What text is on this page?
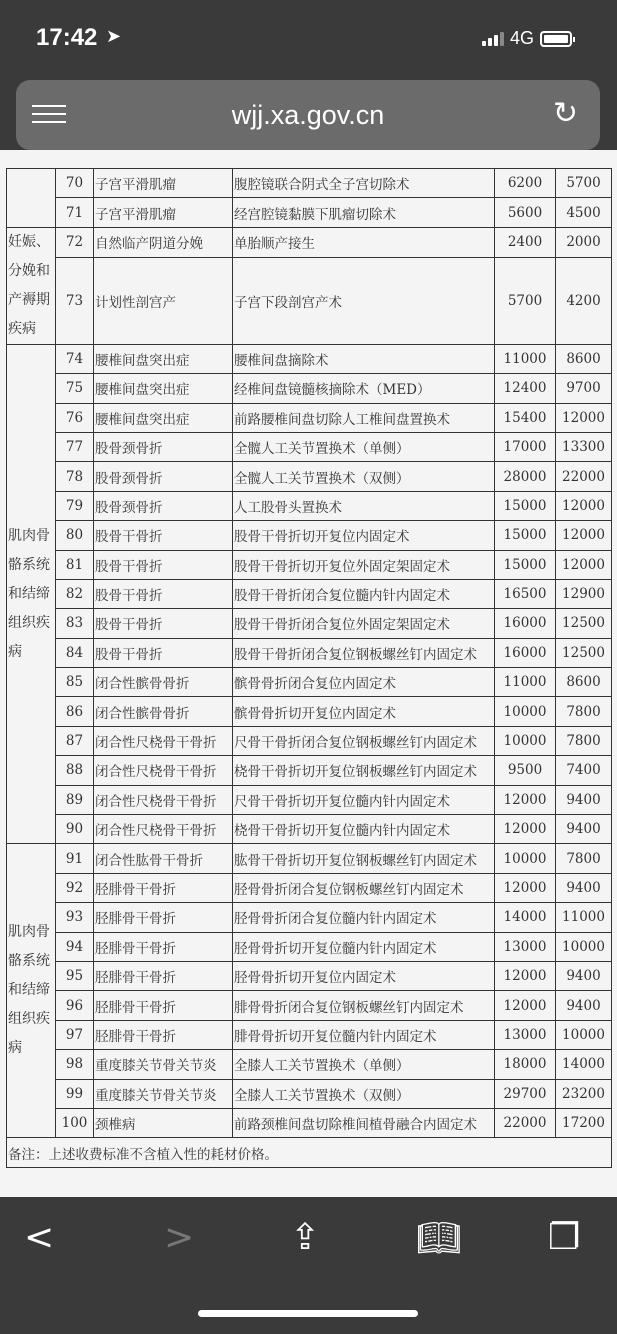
17:42 ➤	4G
wjj.xa.gov.cn	↻
	70	子宫平滑肌瘤	腹腔镜联合阴式全子宫切除术	6200	5700
	71	子宫平滑肌瘤	经宫腔镜黏膜下肌瘤切除术	5600	4500
妊娠、分娩和产褥期疾病	72	自然临产阴道分娩	单胎顺产接生	2400	2000
	73	计划性剖宫产	子宫下段剖宫产术	5700	4200
肌肉骨骼系统和结缔组织疾病	74	腰椎间盘突出症	腰椎间盘摘除术	11000	8600
	75	腰椎间盘突出症	经椎间盘镜髓核摘除术（MED）	12400	9700
	76	腰椎间盘突出症	前路腰椎间盘切除人工椎间盘置换术	15400	12000
	77	股骨颈骨折	全髋人工关节置换术（单侧）	17000	13300
	78	股骨颈骨折	全髋人工关节置换术（双侧）	28000	22000
	79	股骨颈骨折	人工股骨头置换术	15000	12000
	80	股骨干骨折	股骨干骨折切开复位内固定术	15000	12000
	81	股骨干骨折	股骨干骨折切开复位外固定架固定术	15000	12000
	82	股骨干骨折	股骨干骨折闭合复位髓内针内固定术	16500	12900
	83	股骨干骨折	股骨干骨折闭合复位外固定架固定术	16000	12500
	84	股骨干骨折	股骨干骨折闭合复位钢板螺丝钉内固定术	16000	12500
	85	闭合性髌骨骨折	髌骨骨折闭合复位内固定术	11000	8600
	86	闭合性髌骨骨折	髌骨骨折切开复位内固定术	10000	7800
	87	闭合性尺桡骨干骨折	尺骨干骨折闭合复位钢板螺丝钉内固定术	10000	7800
	88	闭合性尺桡骨干骨折	桡骨干骨折切开复位钢板螺丝钉内固定术	9500	7400
	89	闭合性尺桡骨干骨折	尺骨干骨折切开复位髓内针内固定术	12000	9400
	90	闭合性尺桡骨干骨折	桡骨干骨折切开复位髓内针内固定术	12000	9400
肌肉骨骼系统和结缔组织疾病	91	闭合性肱骨干骨折	肱骨干骨折切开复位钢板螺丝钉内固定术	10000	7800
	92	胫腓骨干骨折	胫骨骨折闭合复位钢板螺丝钉内固定术	12000	9400
	93	胫腓骨干骨折	胫骨骨折闭合复位髓内针内固定术	14000	11000
	94	胫腓骨干骨折	胫骨骨折切开复位髓内针内固定术	13000	10000
	95	胫腓骨干骨折	胫骨骨折切开复位内固定术	12000	9400
	96	胫腓骨干骨折	腓骨骨折闭合复位钢板螺丝钉内固定术	12000	9400
	97	胫腓骨干骨折	腓骨骨折切开复位髓内针内固定术	13000	10000
	98	重度膝关节骨关节炎	全膝人工关节置换术（单侧）	18000	14000
	99	重度膝关节骨关节炎	全膝人工关节置换术（双侧）	29700	23200
	100	颈椎病	前路颈椎间盘切除椎间植骨融合内固定术	22000	17200
备注：上述收费标准不含植入性的耗材价格。					
<	>	⇪	📖︎ ❐
